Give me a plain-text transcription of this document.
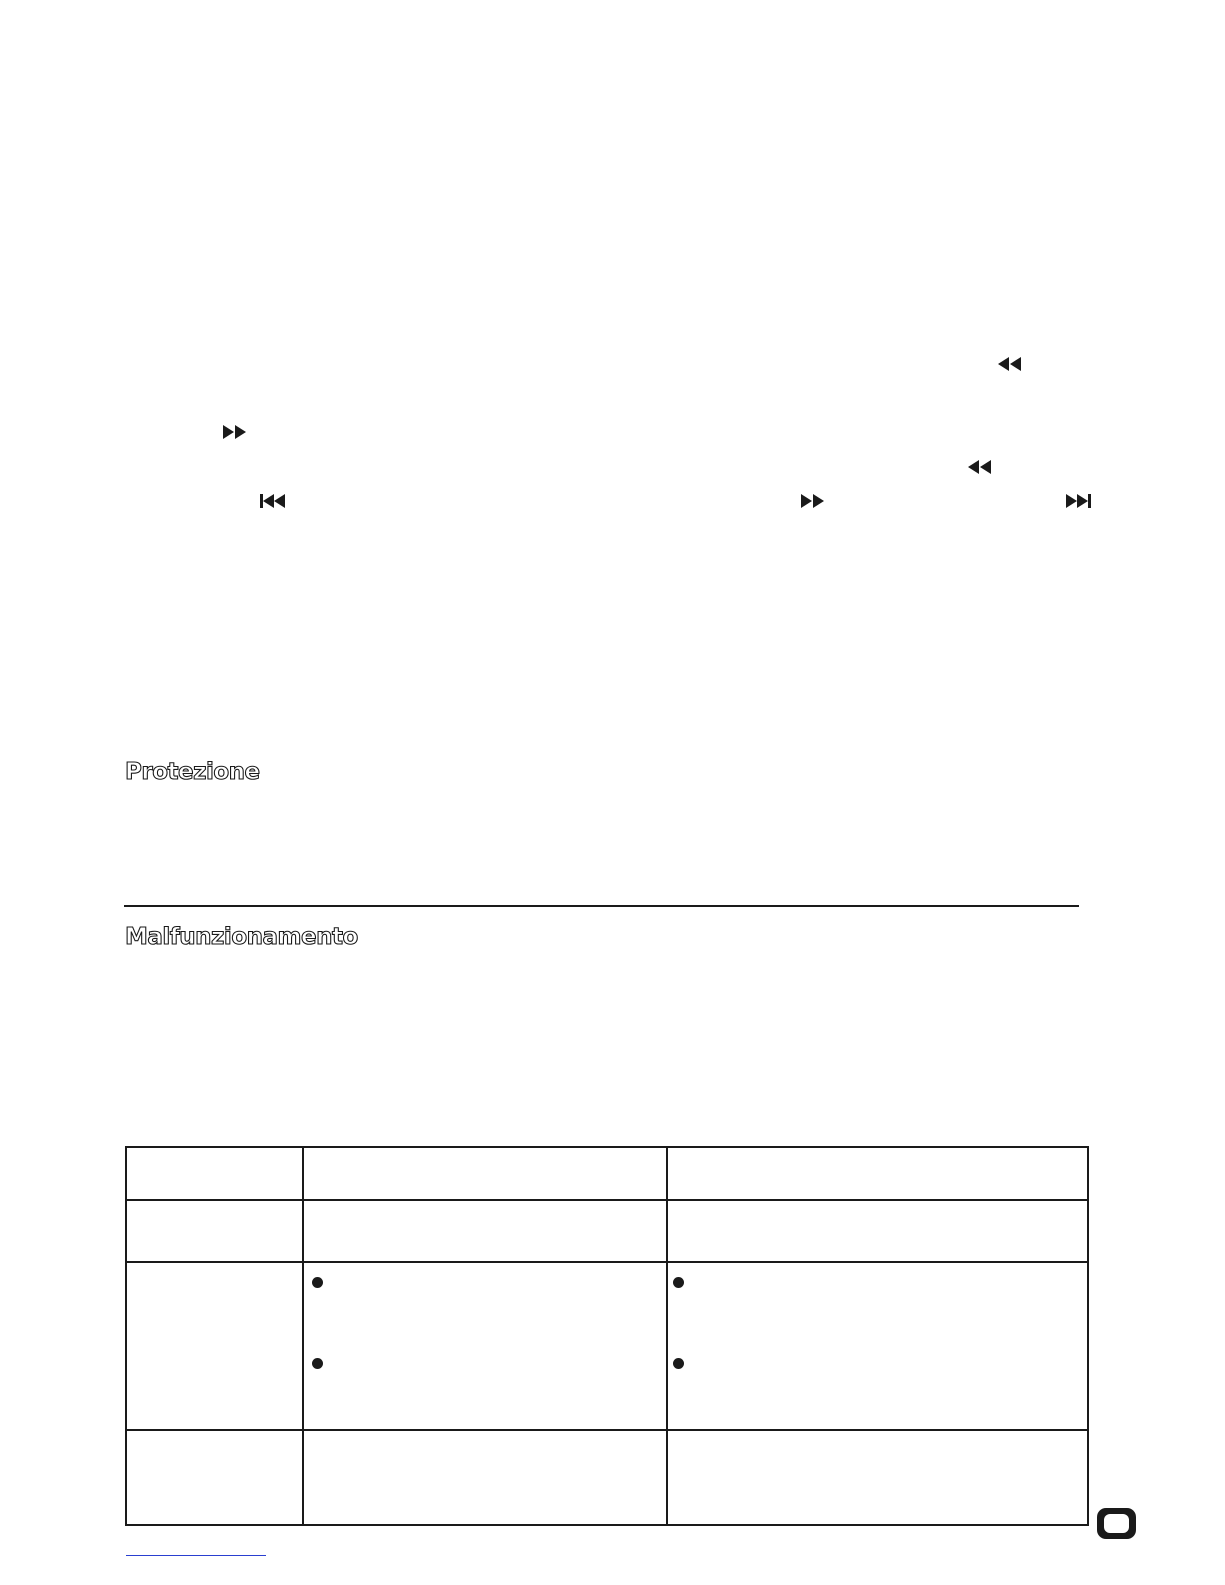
Protezione
Malfunzionamento
